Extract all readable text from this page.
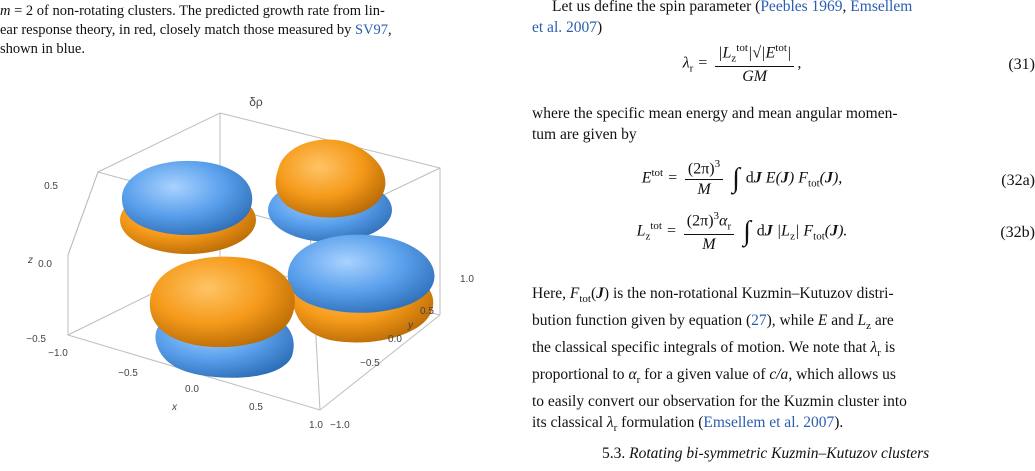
m = 2 of non-rotating clusters. The predicted growth rate from lin-
ear response theory, in red, closely match those measured by SV97,
shown in blue.

δρ
0.5
0.0
−0.5
z
−1.0
−0.5
0.0
0.5
1.0
x
1.0
0.5
0.0
−0.5
−1.0
y

Let us define the spin parameter (Peebles 1969, Emsellem

et al. 2007)

$\lambda_r = \frac{|L_z^{tot}|√|E^{tot}|}{GM}$ ,	(31)

where the specific mean energy and mean angular momen-
tum are given by

$E^{tot} = \frac{(2\pi)^3}{M}$ ∫ dJ E(J) $F_{tot}(J)$,	(32a)
$L_z^{tot} = \frac{(2\pi)^3\alpha_r}{M}$ ∫ dJ $|L_z|$ $F_{tot}(J)$.	(32b)

Here, $F_{tot}(J)$ is the non-rotational Kuzmin–Kutuzov distri-
bution function given by equation (27), while E and $L_z$ are
the classical specific integrals of motion. We note that $\lambda_r$ is
proportional to $\alpha_r$ for a given value of c/a, which allows us
to easily convert our observation for the Kuzmin cluster into
its classical $\lambda_r$ formulation (Emsellem et al. 2007).

5.3. Rotating bi-symmetric Kuzmin–Kutuzov clusters
